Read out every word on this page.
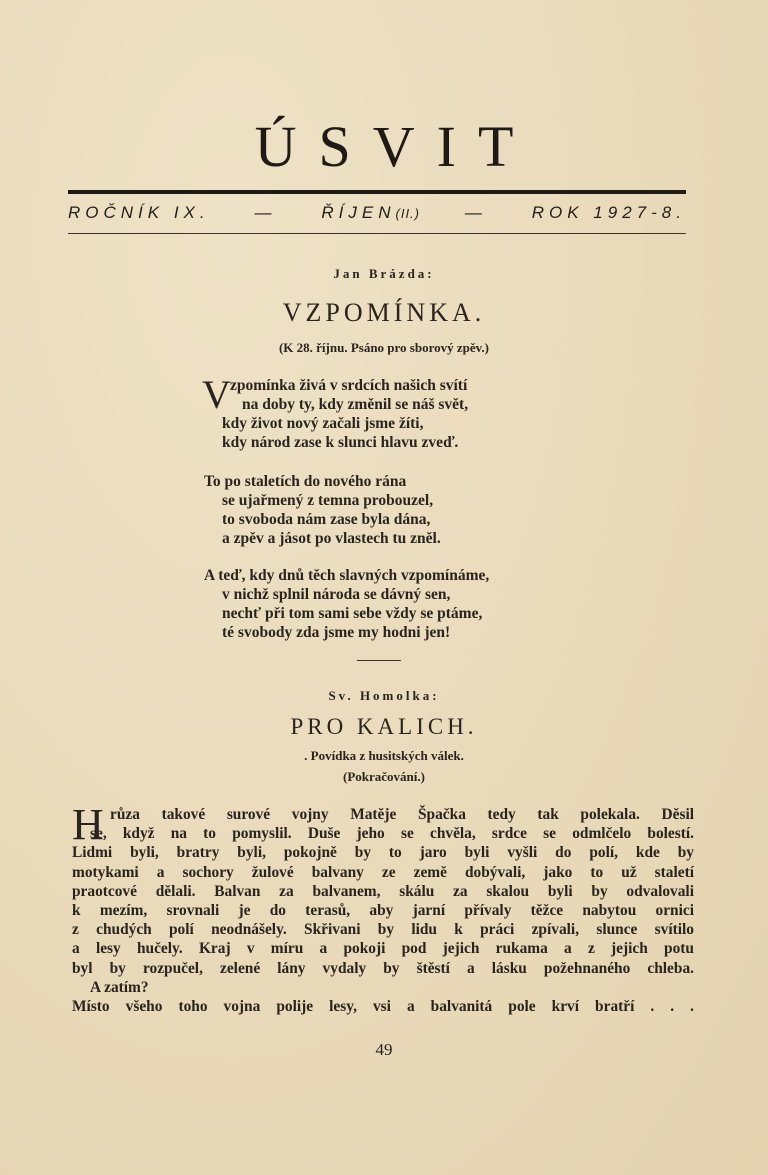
ÚSVIT
ROČNÍK IX.	—	ŘÍJEN(II.)	—	ROK 1927-8.
Jan Brázda:
VZPOMÍNKA.
(K 28. říjnu. Psáno pro sborový zpěv.)
V zpomínka živá v srdcích našich svítí
na doby ty, kdy změnil se náš svět,
kdy život nový začali jsme žíti,
kdy národ zase k slunci hlavu zveď.
To po staletích do nového rána
se ujařmený z temna probouzel,
to svoboda nám zase byla dána,
a zpěv a jásot po vlastech tu zněl.
A teď, kdy dnů těch slavných vzpomínáme,
v nichž splnil národa se dávný sen,
nechť při tom sami sebe vždy se ptáme,
té svobody zda jsme my hodni jen!
Sv. Homolka:
PRO KALICH.
. Povídka z husitských válek.
(Pokračování.)
H růza takové surové vojny Matěje Špačka tedy tak polekala. Děsil
se, když na to pomyslil. Duše jeho se chvěla, srdce se odmlčelo bolestí.
Lidmi byli, bratry byli, pokojně by to jaro byli vyšli do polí, kde by
motykami a sochory žulové balvany ze země dobývali, jako to už staletí
praotcové dělali. Balvan za balvanem, skálu za skalou byli by odvalovali
k mezím, srovnali je do terasů, aby jarní přívaly těžce nabytou ornici
z chudých polí neodnášely. Skřivani by lidu k práci zpívali, slunce svítilo
a lesy hučely. Kraj v míru a pokoji pod jejich rukama a z jejich potu
byl by rozpučel, zelené lány vydaly by štěstí a lásku požehnaného chleba.
A zatím?
Místo všeho toho vojna polije lesy, vsi a balvanitá pole krví bratří . . .
49
